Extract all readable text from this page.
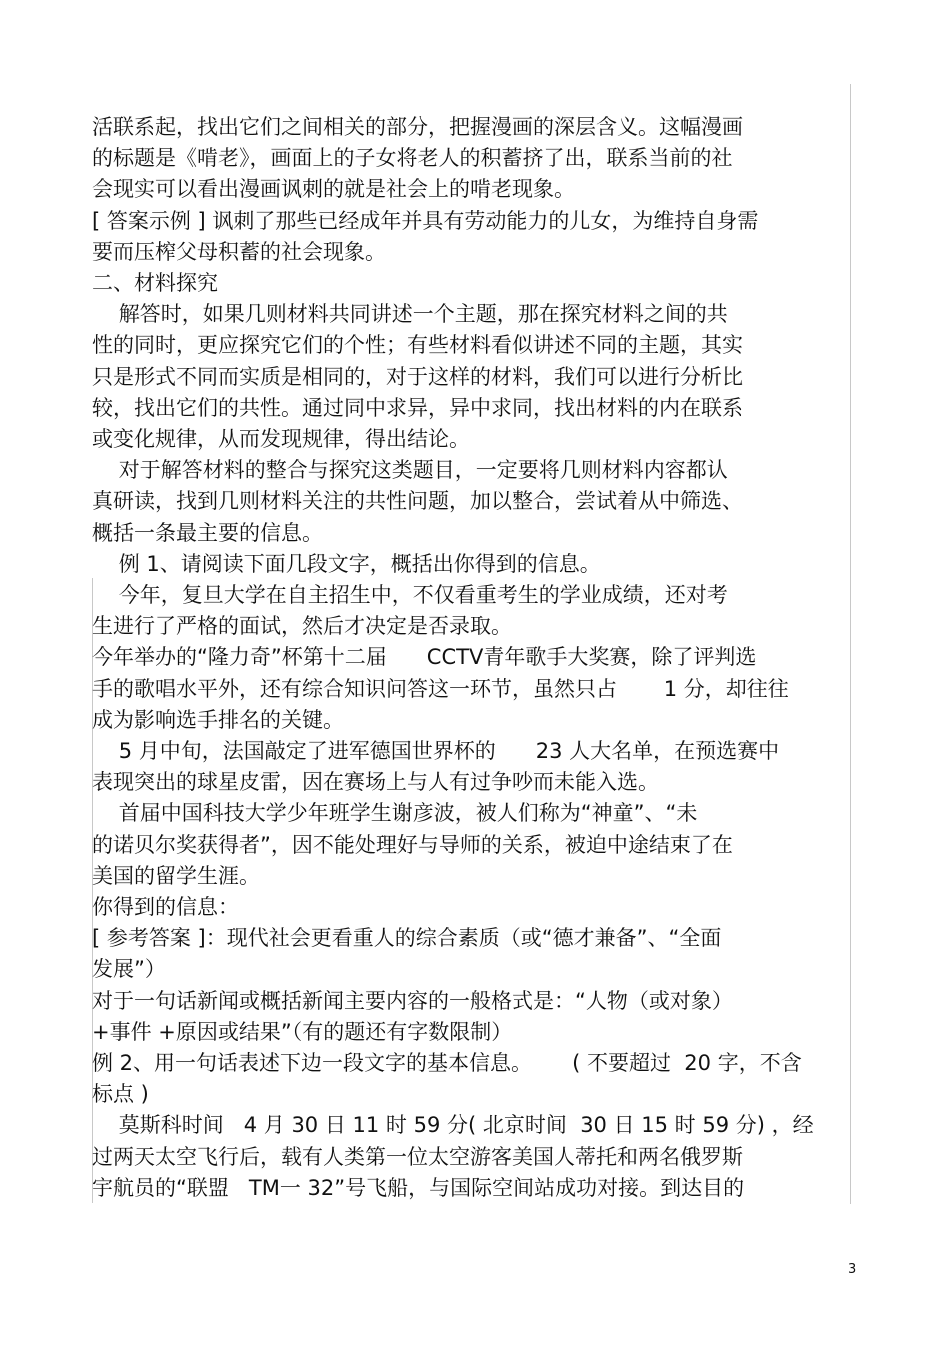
活联系起，找出它们之间相关的部分，把握漫画的深层含义。这幅漫画
的标题是《啃老》，画面上的子女将老人的积蓄挤了出，联系当前的社
会现实可以看出漫画讽刺的就是社会上的啃老现象。
[ 答案示例 ] 讽刺了那些已经成年并具有劳动能力的儿女，为维持自身需
要而压榨父母积蓄的社会现象。
二、材料探究
解答时，如果几则材料共同讲述一个主题，那在探究材料之间的共
性的同时，更应探究它们的个性；有些材料看似讲述不同的主题，其实
只是形式不同而实质是相同的，对于这样的材料，我们可以进行分析比
较，找出它们的共性。通过同中求异，异中求同，找出材料的内在联系
或变化规律，从而发现规律，得出结论。
对于解答材料的整合与探究这类题目，一定要将几则材料内容都认
真研读，找到几则材料关注的共性问题，加以整合，尝试着从中筛选、
概括一条最主要的信息。
例 1、请阅读下面几段文字，概括出你得到的信息。
今年，复旦大学在自主招生中，不仅看重考生的学业成绩，还对考
生进行了严格的面试，然后才决定是否录取。
今年举办的“隆力奇”杯第十二届      CCTV青年歌手大奖赛，除了评判选
手的歌唱水平外，还有综合知识问答这一环节，虽然只占       1 分，却往往
成为影响选手排名的关键。
5 月中旬，法国敲定了进军德国世界杯的      23 人大名单，在预选赛中
表现突出的球星皮雷，因在赛场上与人有过争吵而未能入选。
首届中国科技大学少年班学生谢彦波，被人们称为“神童”、“未
的诺贝尔奖获得者”，因不能处理好与导师的关系，被迫中途结束了在
美国的留学生涯。
你得到的信息：
[ 参考答案 ]：现代社会更看重人的综合素质（或“德才兼备”、“全面
发展”）
对于一句话新闻或概括新闻主要内容的一般格式是：“人物（或对象）
+事件 +原因或结果”（有的题还有字数限制）
例 2、用一句话表述下边一段文字的基本信息。      ( 不要超过  20 字，不含
标点 )
莫斯科时间   4 月 30 日 11 时 59 分( 北京时间  30 日 15 时 59 分) ，经
过两天太空飞行后，载有人类第一位太空游客美国人蒂托和两名俄罗斯
宇航员的“联盟   TM一 32”号飞船，与国际空间站成功对接。到达目的
3
